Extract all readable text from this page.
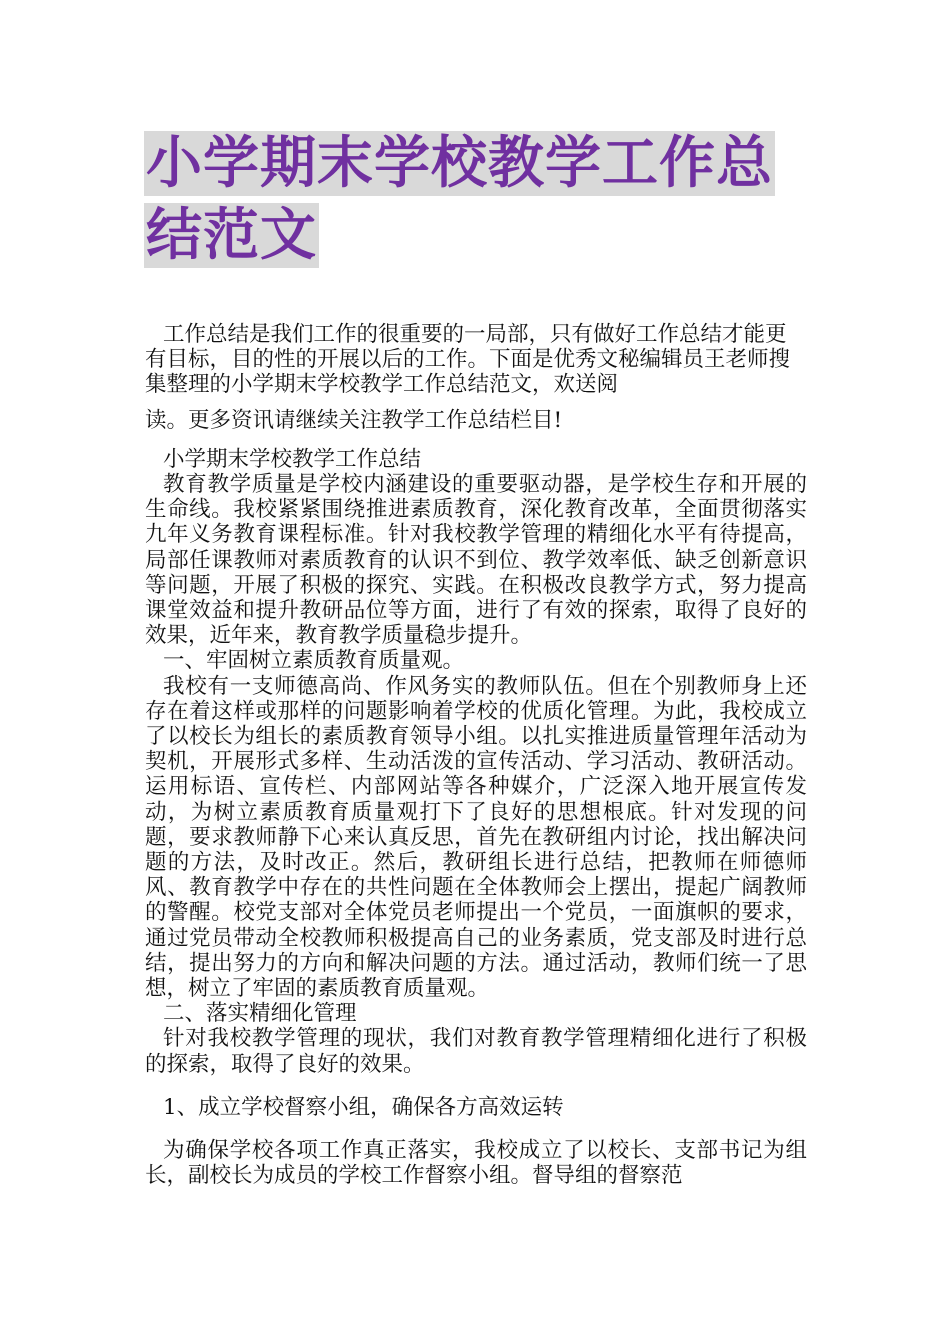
小学期末学校教学工作总结范文

工作总结是我们工作的很重要的一局部，只有做好工作总结才能更有目标，目的性的开展以后的工作。下面是优秀文秘编辑员王老师搜集整理的小学期末学校教学工作总结范文，欢送阅

读。更多资讯请继续关注教学工作总结栏目!

小学期末学校教学工作总结

教育教学质量是学校内涵建设的重要驱动器，是学校生存和开展的生命线。我校紧紧围绕推进素质教育，深化教育改革，全面贯彻落实九年义务教育课程标准。针对我校教学管理的精细化水平有待提高，局部任课教师对素质教育的认识不到位、教学效率低、缺乏创新意识等问题，开展了积极的探究、实践。在积极改良教学方式，努力提高课堂效益和提升教研品位等方面，进行了有效的探索，取得了良好的效果，近年来，教育教学质量稳步提升。

一、牢固树立素质教育质量观。

我校有一支师德高尚、作风务实的教师队伍。但在个别教师身上还存在着这样或那样的问题影响着学校的优质化管理。为此，我校成立了以校长为组长的素质教育领导小组。以扎实推进质量管理年活动为契机，开展形式多样、生动活泼的宣传活动、学习活动、教研活动。运用标语、宣传栏、内部网站等各种媒介，广泛深入地开展宣传发动，为树立素质教育质量观打下了良好的思想根底。针对发现的问题，要求教师静下心来认真反思，首先在教研组内讨论，找出解决问题的方法，及时改正。然后，教研组长进行总结，把教师在师德师风、教育教学中存在的共性问题在全体教师会上摆出，提起广阔教师的警醒。校党支部对全体党员老师提出一个党员，一面旗帜的要求，通过党员带动全校教师积极提高自己的业务素质，党支部及时进行总结，提出努力的方向和解决问题的方法。通过活动，教师们统一了思想，树立了牢固的素质教育质量观。

二、落实精细化管理

针对我校教学管理的现状，我们对教育教学管理精细化进行了积极的探索，取得了良好的效果。

1、成立学校督察小组，确保各方高效运转

为确保学校各项工作真正落实，我校成立了以校长、支部书记为组长，副校长为成员的学校工作督察小组。督导组的督察范
